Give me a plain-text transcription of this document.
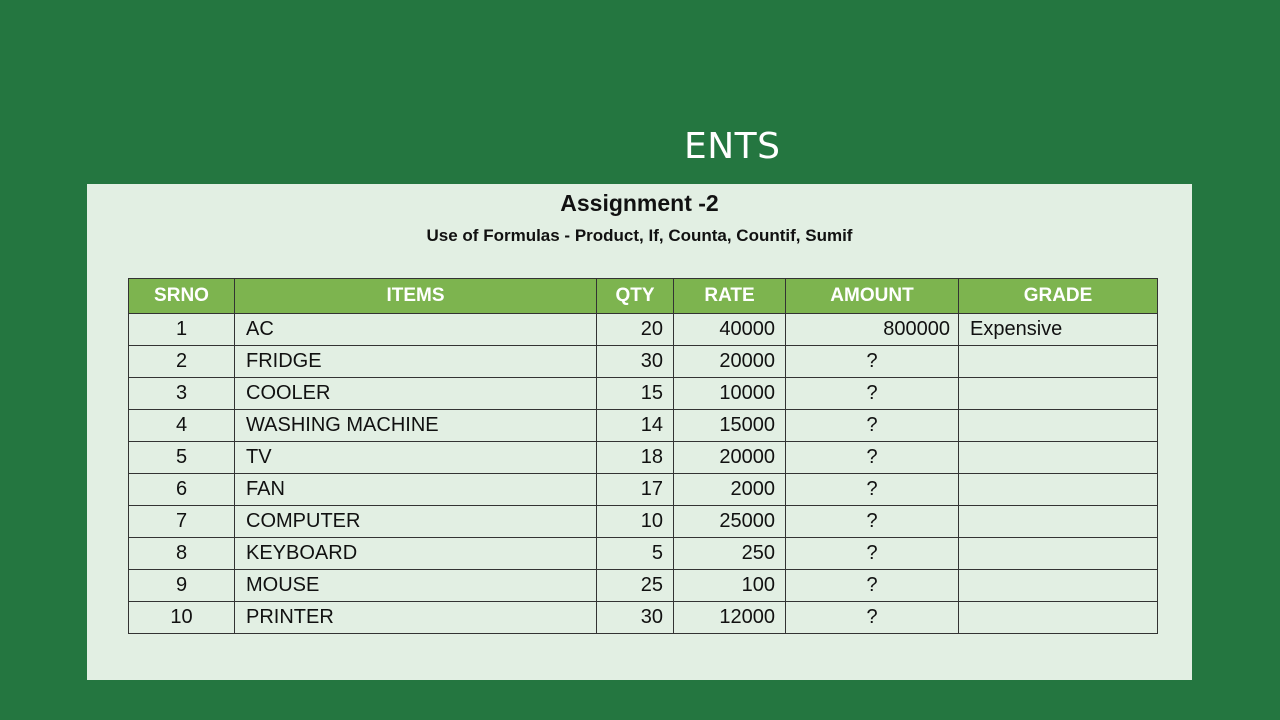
ENTS
Assignment -2
Use of Formulas - Product, If, Counta, Countif, Sumif
SRNO	ITEMS	QTY	RATE	AMOUNT	GRADE
1	AC	20	40000	800000	Expensive
2	FRIDGE	30	20000	?	
3	COOLER	15	10000	?	
4	WASHING MACHINE	14	15000	?	
5	TV	18	20000	?	
6	FAN	17	2000	?	
7	COMPUTER	10	25000	?	
8	KEYBOARD	5	250	?	
9	MOUSE	25	100	?	
10	PRINTER	30	12000	?	
